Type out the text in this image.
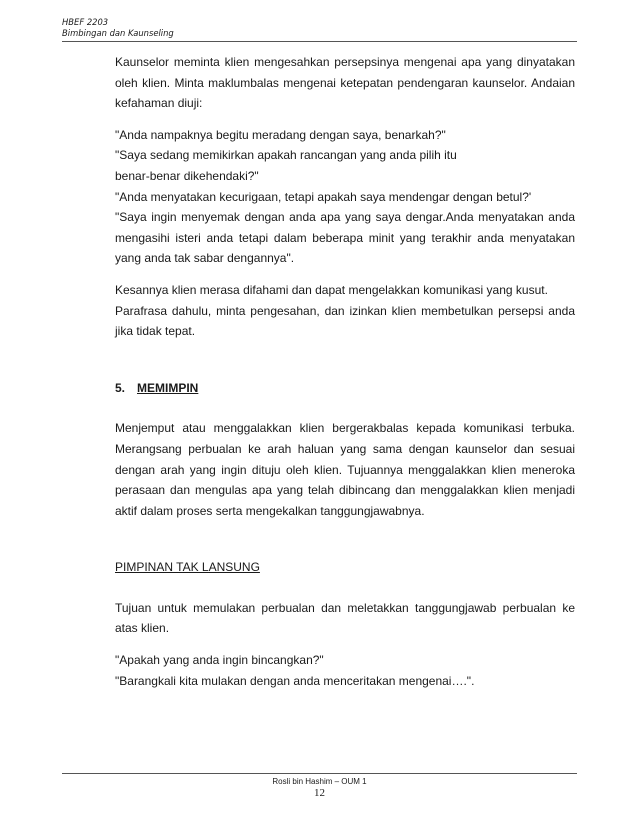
HBEF 2203
Bimbingan dan Kaunseling

Kaunselor meminta klien mengesahkan persepsinya mengenai apa yang dinyatakan oleh klien. Minta maklumbalas mengenai ketepatan pendengaran kaunselor. Andaian kefahaman diuji:

"Anda nampaknya begitu meradang dengan saya, benarkah?"

"Saya sedang memikirkan apakah rancangan yang anda pilih itu

benar-benar dikehendaki?"

"Anda menyatakan kecurigaan, tetapi apakah saya mendengar dengan betul?'

"Saya ingin menyemak dengan anda apa yang saya dengar.Anda menyatakan anda mengasihi isteri anda tetapi dalam beberapa minit yang terakhir anda menyatakan yang anda tak sabar dengannya".

Kesannya klien merasa difahami dan dapat mengelakkan komunikasi yang kusut.

Parafrasa dahulu, minta pengesahan, dan izinkan klien membetulkan persepsi anda jika tidak tepat.

5. MEMIMPIN

Menjemput atau menggalakkan klien bergerakbalas kepada komunikasi terbuka. Merangsang perbualan ke arah haluan yang sama dengan kaunselor dan sesuai dengan arah yang ingin dituju oleh klien. Tujuannya menggalakkan klien meneroka perasaan dan mengulas apa yang telah dibincang dan menggalakkan klien menjadi aktif dalam proses serta mengekalkan tanggungjawabnya.

PIMPINAN TAK LANSUNG

Tujuan untuk memulakan perbualan dan meletakkan tanggungjawab perbualan ke atas klien.

"Apakah yang anda ingin bincangkan?"

"Barangkali kita mulakan dengan anda menceritakan mengenai….".

Rosli bin Hashim – OUM 1
12
